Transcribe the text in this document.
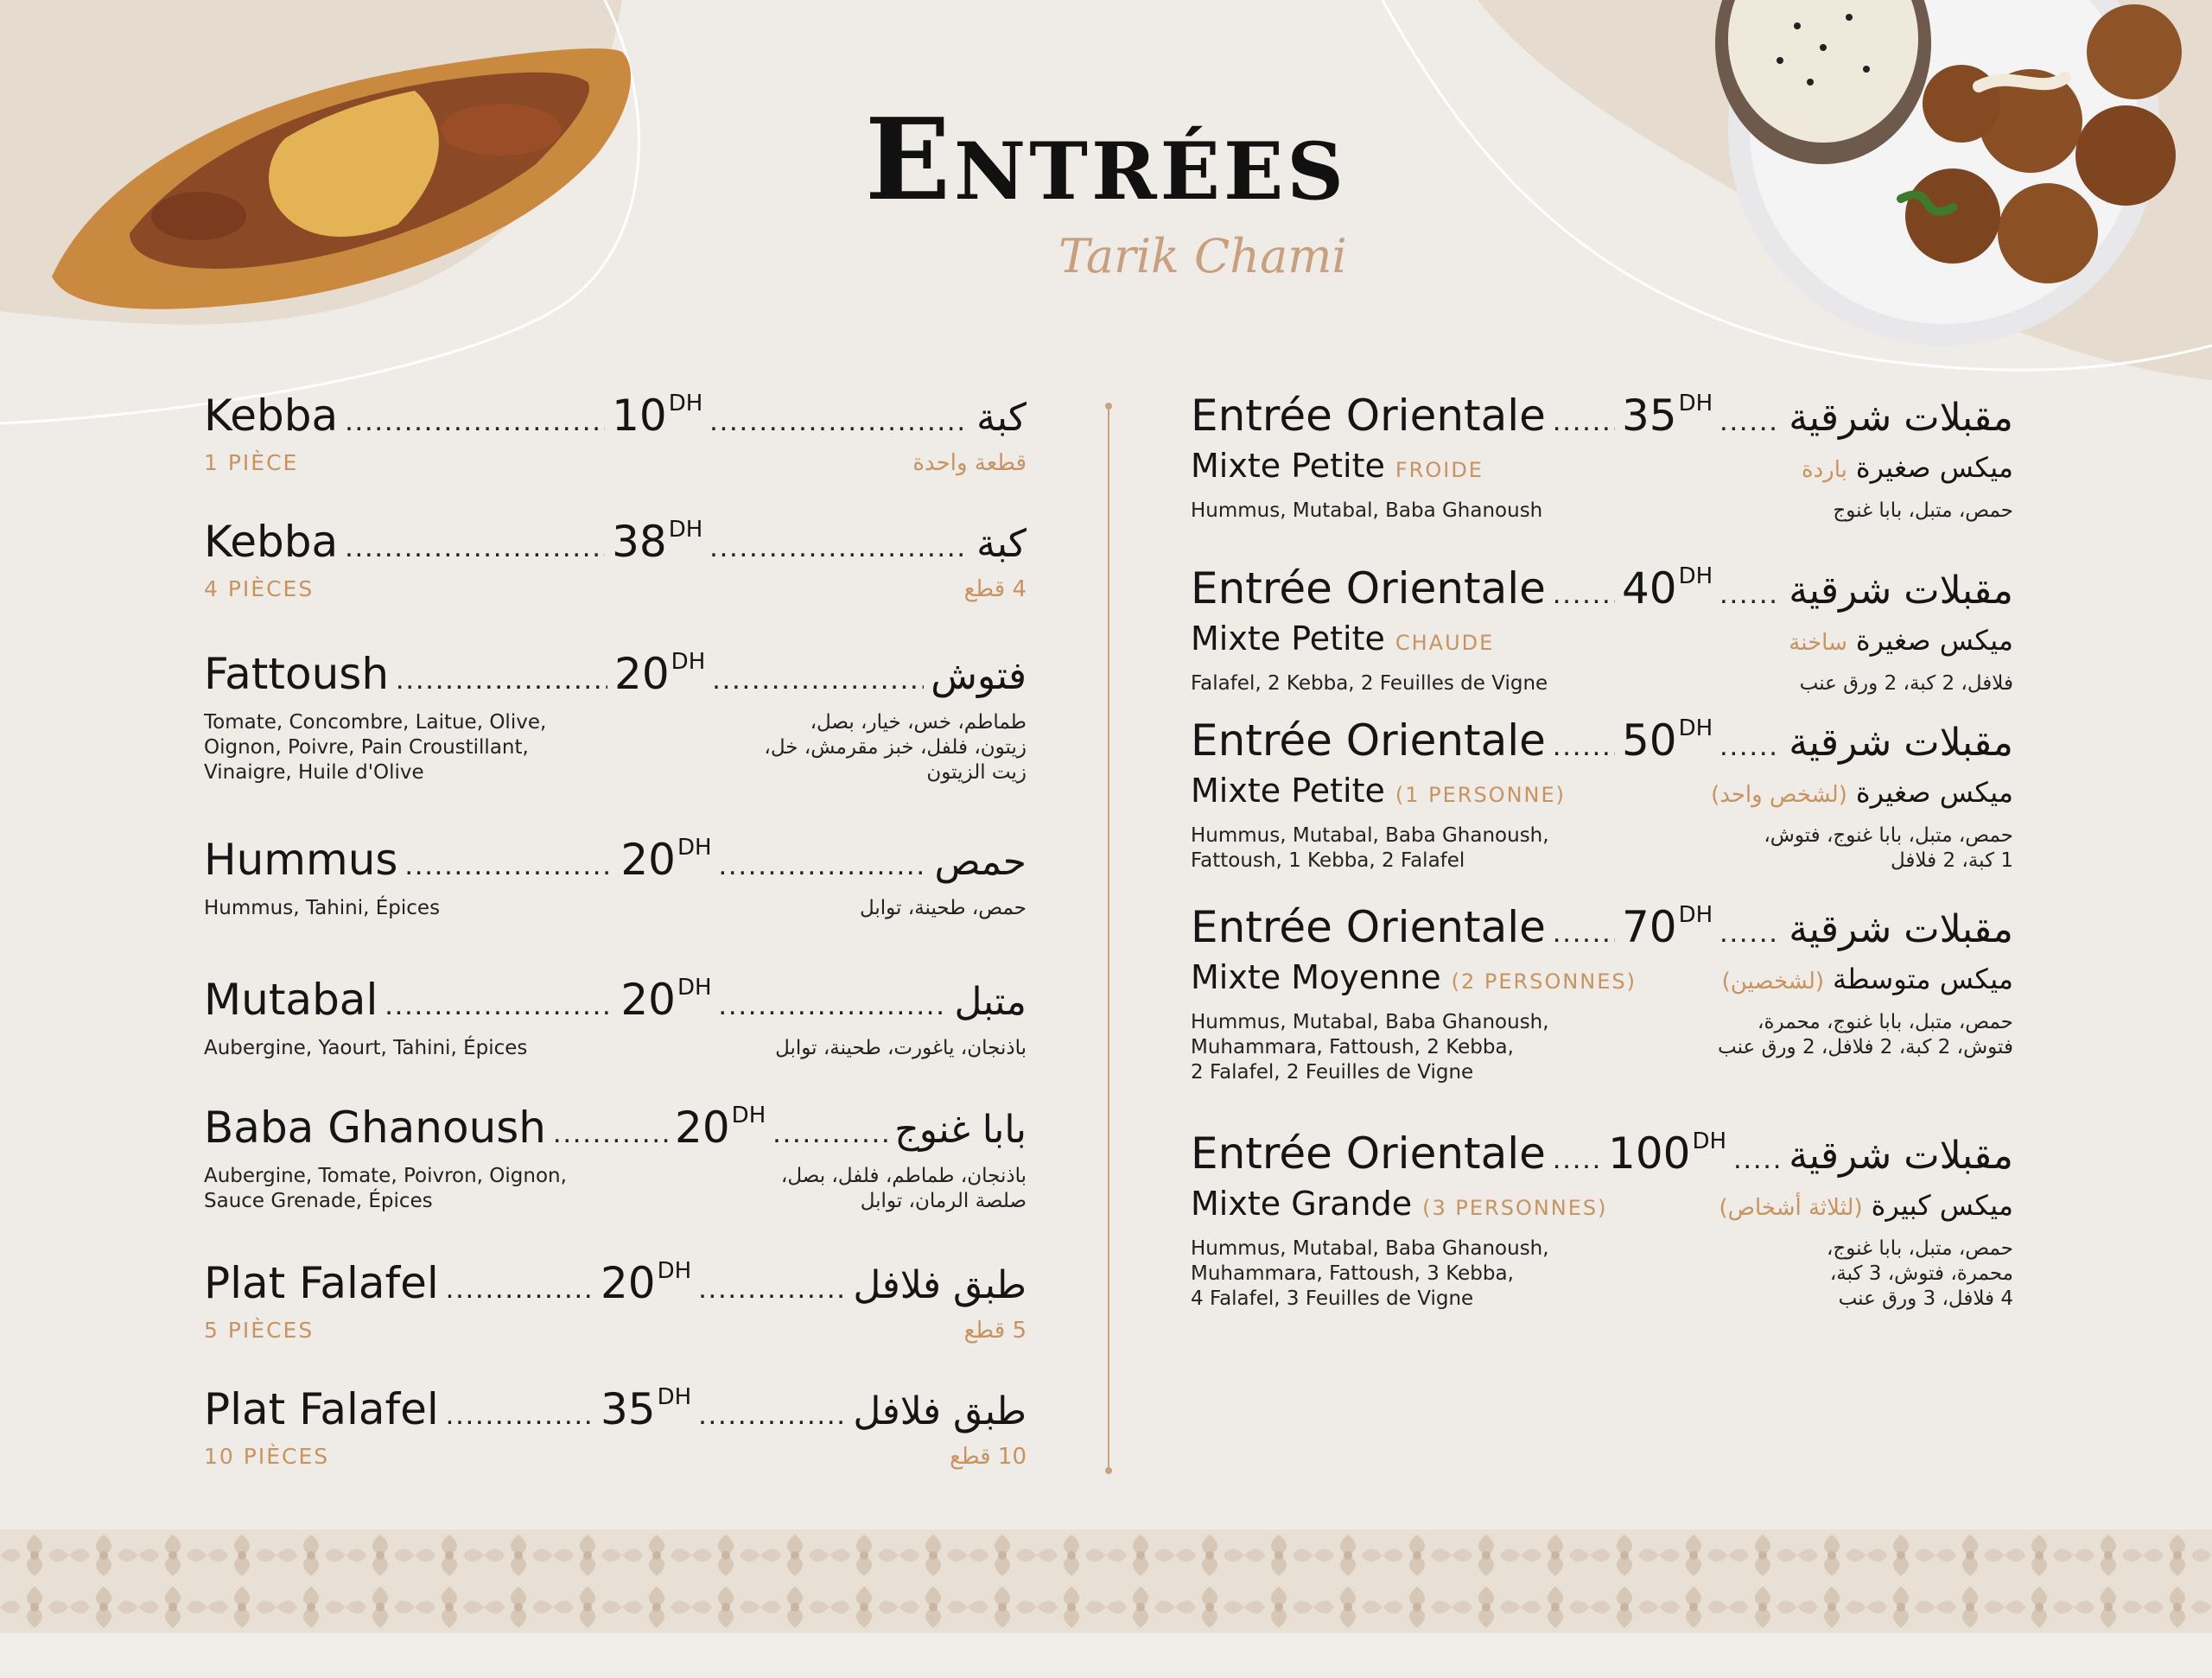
Entrées
Tarik Chami
Kebba .....	$10^{DH}$ .....	كبة
1 PIÈCE	قطعة واحدة
Kebba .....	$38^{DH}$ .....	كبة
4 PIÈCES	4 قطع
Fattoush .....	$20^{DH}$ .....	فتوش
Tomate, Concombre, Laitue, Olive,
Oignon, Poivre, Pain Croustillant,
Vinaigre, Huile d'Olive
طماطم، خس، خيار، بصل،
زيتون، فلفل، خبز مقرمش، خل،
زيت الزيتون
Hummus .....	$20^{DH}$ .....	حمص
Hummus, Tahini, Épices	حمص، طحينة، توابل
Mutabal .....	$20^{DH}$ .....	متبل
Aubergine, Yaourt, Tahini, Épices	باذنجان، ياغورت، طحينة، توابل
Baba Ghanoush .....	$20^{DH}$ .....	بابا غنوج
Aubergine, Tomate, Poivron, Oignon,
Sauce Grenade, Épices
باذنجان، طماطم، فلفل، بصل،
صلصة الرمان، توابل
Plat Falafel .....	$20^{DH}$ .....	طبق فلافل
5 PIÈCES	5 قطع
Plat Falafel .....	$35^{DH}$ .....	طبق فلافل
10 PIÈCES	10 قطع
Entrée Orientale ..... $35^{DH}$ ..... مقبلات شرقية
Mixte Petite FROIDE	ميكس صغيرةباردة
Hummus, Mutabal, Baba Ghanoush	حمص، متبل، بابا غنوج
Entrée Orientale ..... $40^{DH}$ ..... مقبلات شرقية
Mixte Petite CHAUDE	ميكس صغيرةساخنة
Falafel, 2 Kebba, 2 Feuilles de Vigne	فلافل، 2 كبة، 2 ورق عنب
Entrée Orientale ..... $50^{DH}$ ..... مقبلات شرقية
Mixte Petite (1 PERSONNE)	ميكس صغيرة(لشخص واحد)
Hummus, Mutabal, Baba Ghanoush,
Fattoush, 1 Kebba, 2 Falafel
حمص، متبل، بابا غنوج، فتوش،
1 كبة، 2 فلافل
Entrée Orientale ..... $70^{DH}$ ..... مقبلات شرقية
Mixte Moyenne (2 PERSONNES)	ميكس متوسطة(لشخصين)
Hummus, Mutabal, Baba Ghanoush,
Muhammara, Fattoush, 2 Kebba,
2 Falafel, 2 Feuilles de Vigne
حمص، متبل، بابا غنوج، محمرة،
فتوش، 2 كبة، 2 فلافل، 2 ورق عنب
Entrée Orientale ..... $100^{DH}$ ..... مقبلات شرقية
Mixte Grande (3 PERSONNES)	ميكس كبيرة(لثلاثة أشخاص)
Hummus, Mutabal, Baba Ghanoush,
Muhammara, Fattoush, 3 Kebba,
4 Falafel, 3 Feuilles de Vigne
حمص، متبل، بابا غنوج،
محمرة، فتوش، 3 كبة،
4 فلافل، 3 ورق عنب
